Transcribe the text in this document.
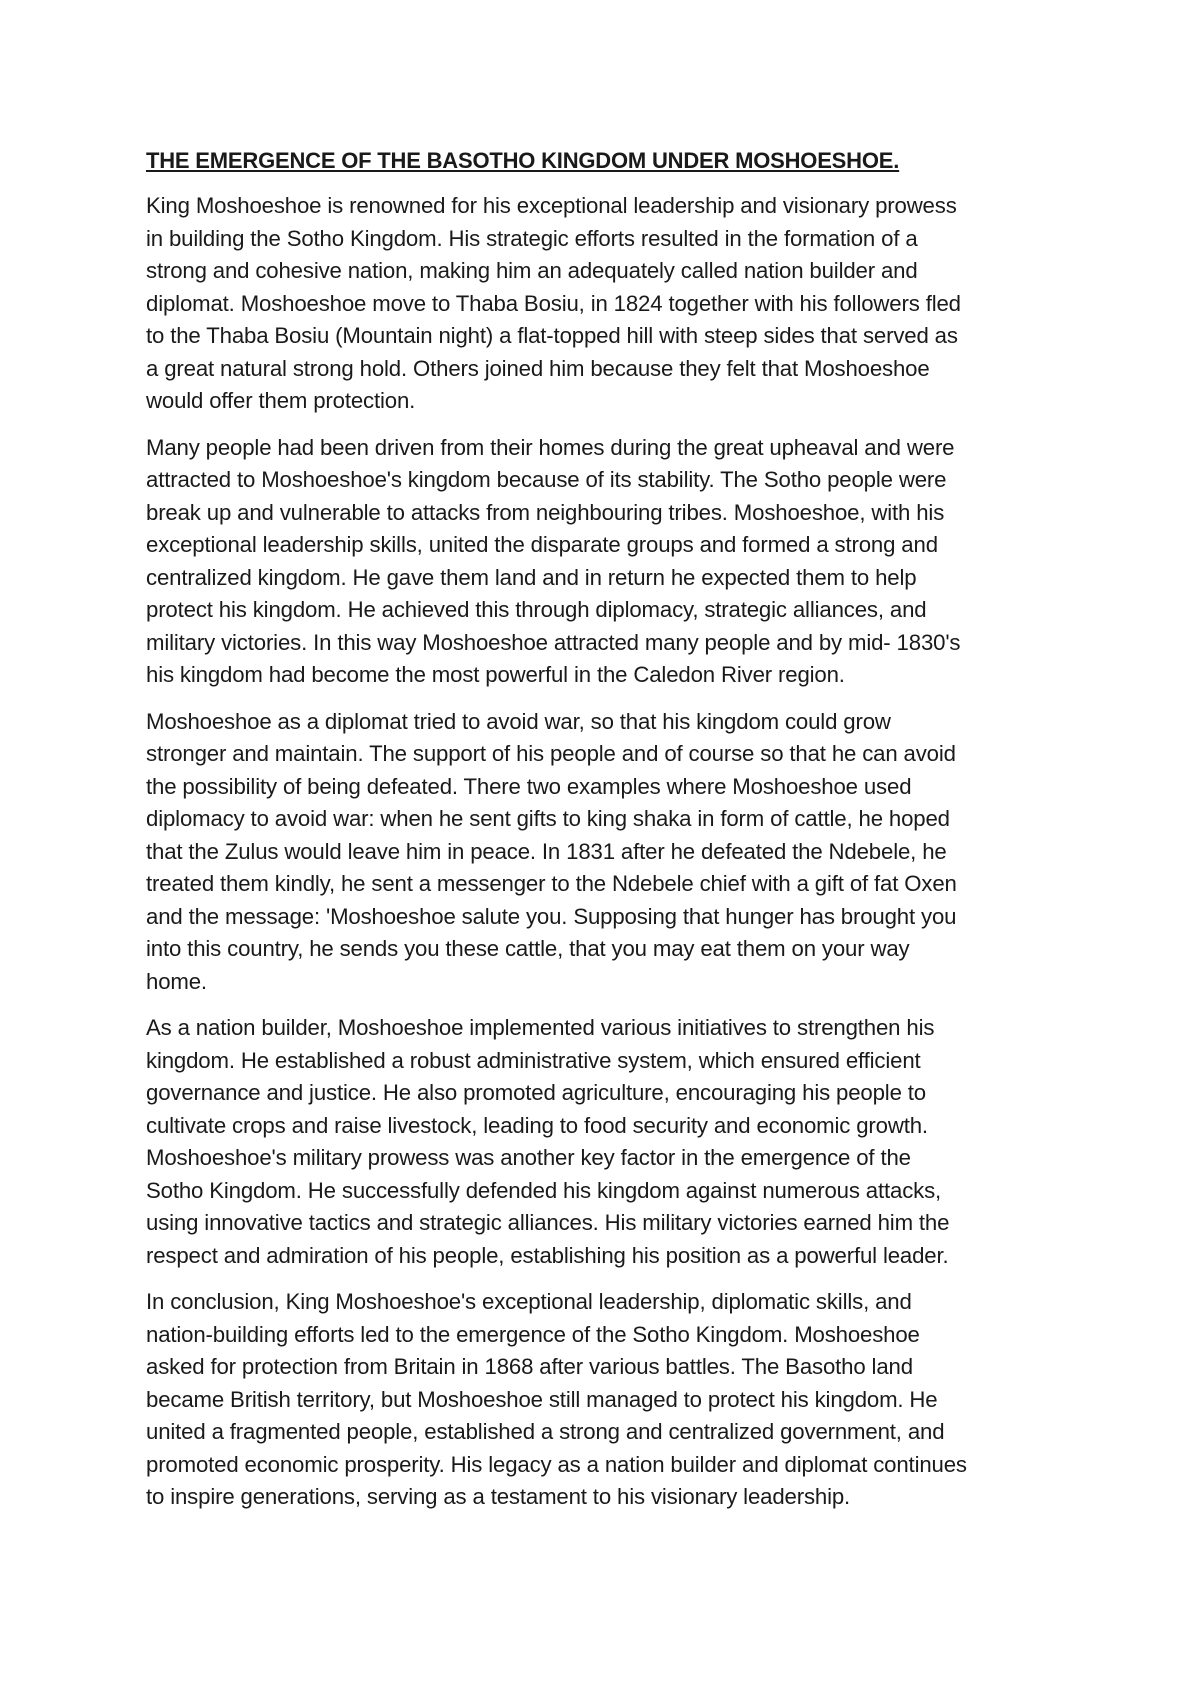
THE EMERGENCE OF THE BASOTHO KINGDOM UNDER MOSHOESHOE.
King Moshoeshoe is renowned for his exceptional leadership and visionary prowess
in building the Sotho Kingdom. His strategic efforts resulted in the formation of a
strong and cohesive nation, making him an adequately called nation builder and
diplomat. Moshoeshoe move to Thaba Bosiu, in 1824 together with his followers fled
to the Thaba Bosiu (Mountain night) a flat-topped hill with steep sides that served as
a great natural strong hold. Others joined him because they felt that Moshoeshoe
would offer them protection.
Many people had been driven from their homes during the great upheaval and were
attracted to Moshoeshoe's kingdom because of its stability. The Sotho people were
break up and vulnerable to attacks from neighbouring tribes. Moshoeshoe, with his
exceptional leadership skills, united the disparate groups and formed a strong and
centralized kingdom. He gave them land and in return he expected them to help
protect his kingdom. He achieved this through diplomacy, strategic alliances, and
military victories. In this way Moshoeshoe attracted many people and by mid- 1830's
his kingdom had become the most powerful in the Caledon River region.
Moshoeshoe as a diplomat tried to avoid war, so that his kingdom could grow
stronger and maintain. The support of his people and of course so that he can avoid
the possibility of being defeated. There two examples where Moshoeshoe used
diplomacy to avoid war: when he sent gifts to king shaka in form of cattle, he hoped
that the Zulus would leave him in peace. In 1831 after he defeated the Ndebele, he
treated them kindly, he sent a messenger to the Ndebele chief with a gift of fat Oxen
and the message: 'Moshoeshoe salute you. Supposing that hunger has brought you
into this country, he sends you these cattle, that you may eat them on your way
home.
As a nation builder, Moshoeshoe implemented various initiatives to strengthen his
kingdom. He established a robust administrative system, which ensured efficient
governance and justice. He also promoted agriculture, encouraging his people to
cultivate crops and raise livestock, leading to food security and economic growth.
Moshoeshoe's military prowess was another key factor in the emergence of the
Sotho Kingdom. He successfully defended his kingdom against numerous attacks,
using innovative tactics and strategic alliances. His military victories earned him the
respect and admiration of his people, establishing his position as a powerful leader.
In conclusion, King Moshoeshoe's exceptional leadership, diplomatic skills, and
nation-building efforts led to the emergence of the Sotho Kingdom. Moshoeshoe
asked for protection from Britain in 1868 after various battles. The Basotho land
became British territory, but Moshoeshoe still managed to protect his kingdom. He
united a fragmented people, established a strong and centralized government, and
promoted economic prosperity. His legacy as a nation builder and diplomat continues
to inspire generations, serving as a testament to his visionary leadership.
